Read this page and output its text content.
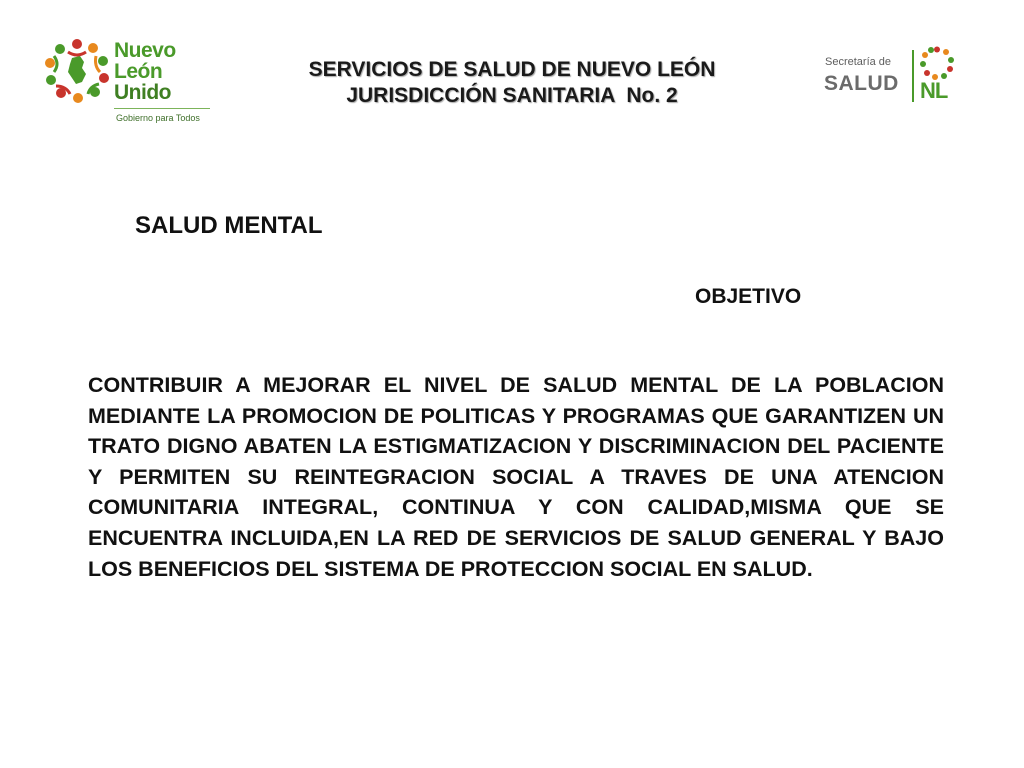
Nuevo
León
Unido
Gobierno para Todos
SERVICIOS DE SALUD DE NUEVO LEÓN
JURISDICCIÓN SANITARIA  No. 2
Secretaría de
SALUD NL
SALUD MENTAL
OBJETIVO
CONTRIBUIR A MEJORAR EL NIVEL DE SALUD MENTAL DE LA POBLACION MEDIANTE LA PROMOCION DE POLITICAS Y PROGRAMAS QUE GARANTIZEN UN TRATO DIGNO ABATEN LA ESTIGMATIZACION Y DISCRIMINACION DEL PACIENTE Y PERMITEN SU REINTEGRACION SOCIAL A TRAVES DE UNA ATENCION COMUNITARIA INTEGRAL, CONTINUA Y CON CALIDAD,MISMA QUE SE ENCUENTRA INCLUIDA,EN LA RED DE SERVICIOS DE SALUD GENERAL Y BAJO LOS BENEFICIOS DEL SISTEMA DE PROTECCION SOCIAL EN SALUD.
